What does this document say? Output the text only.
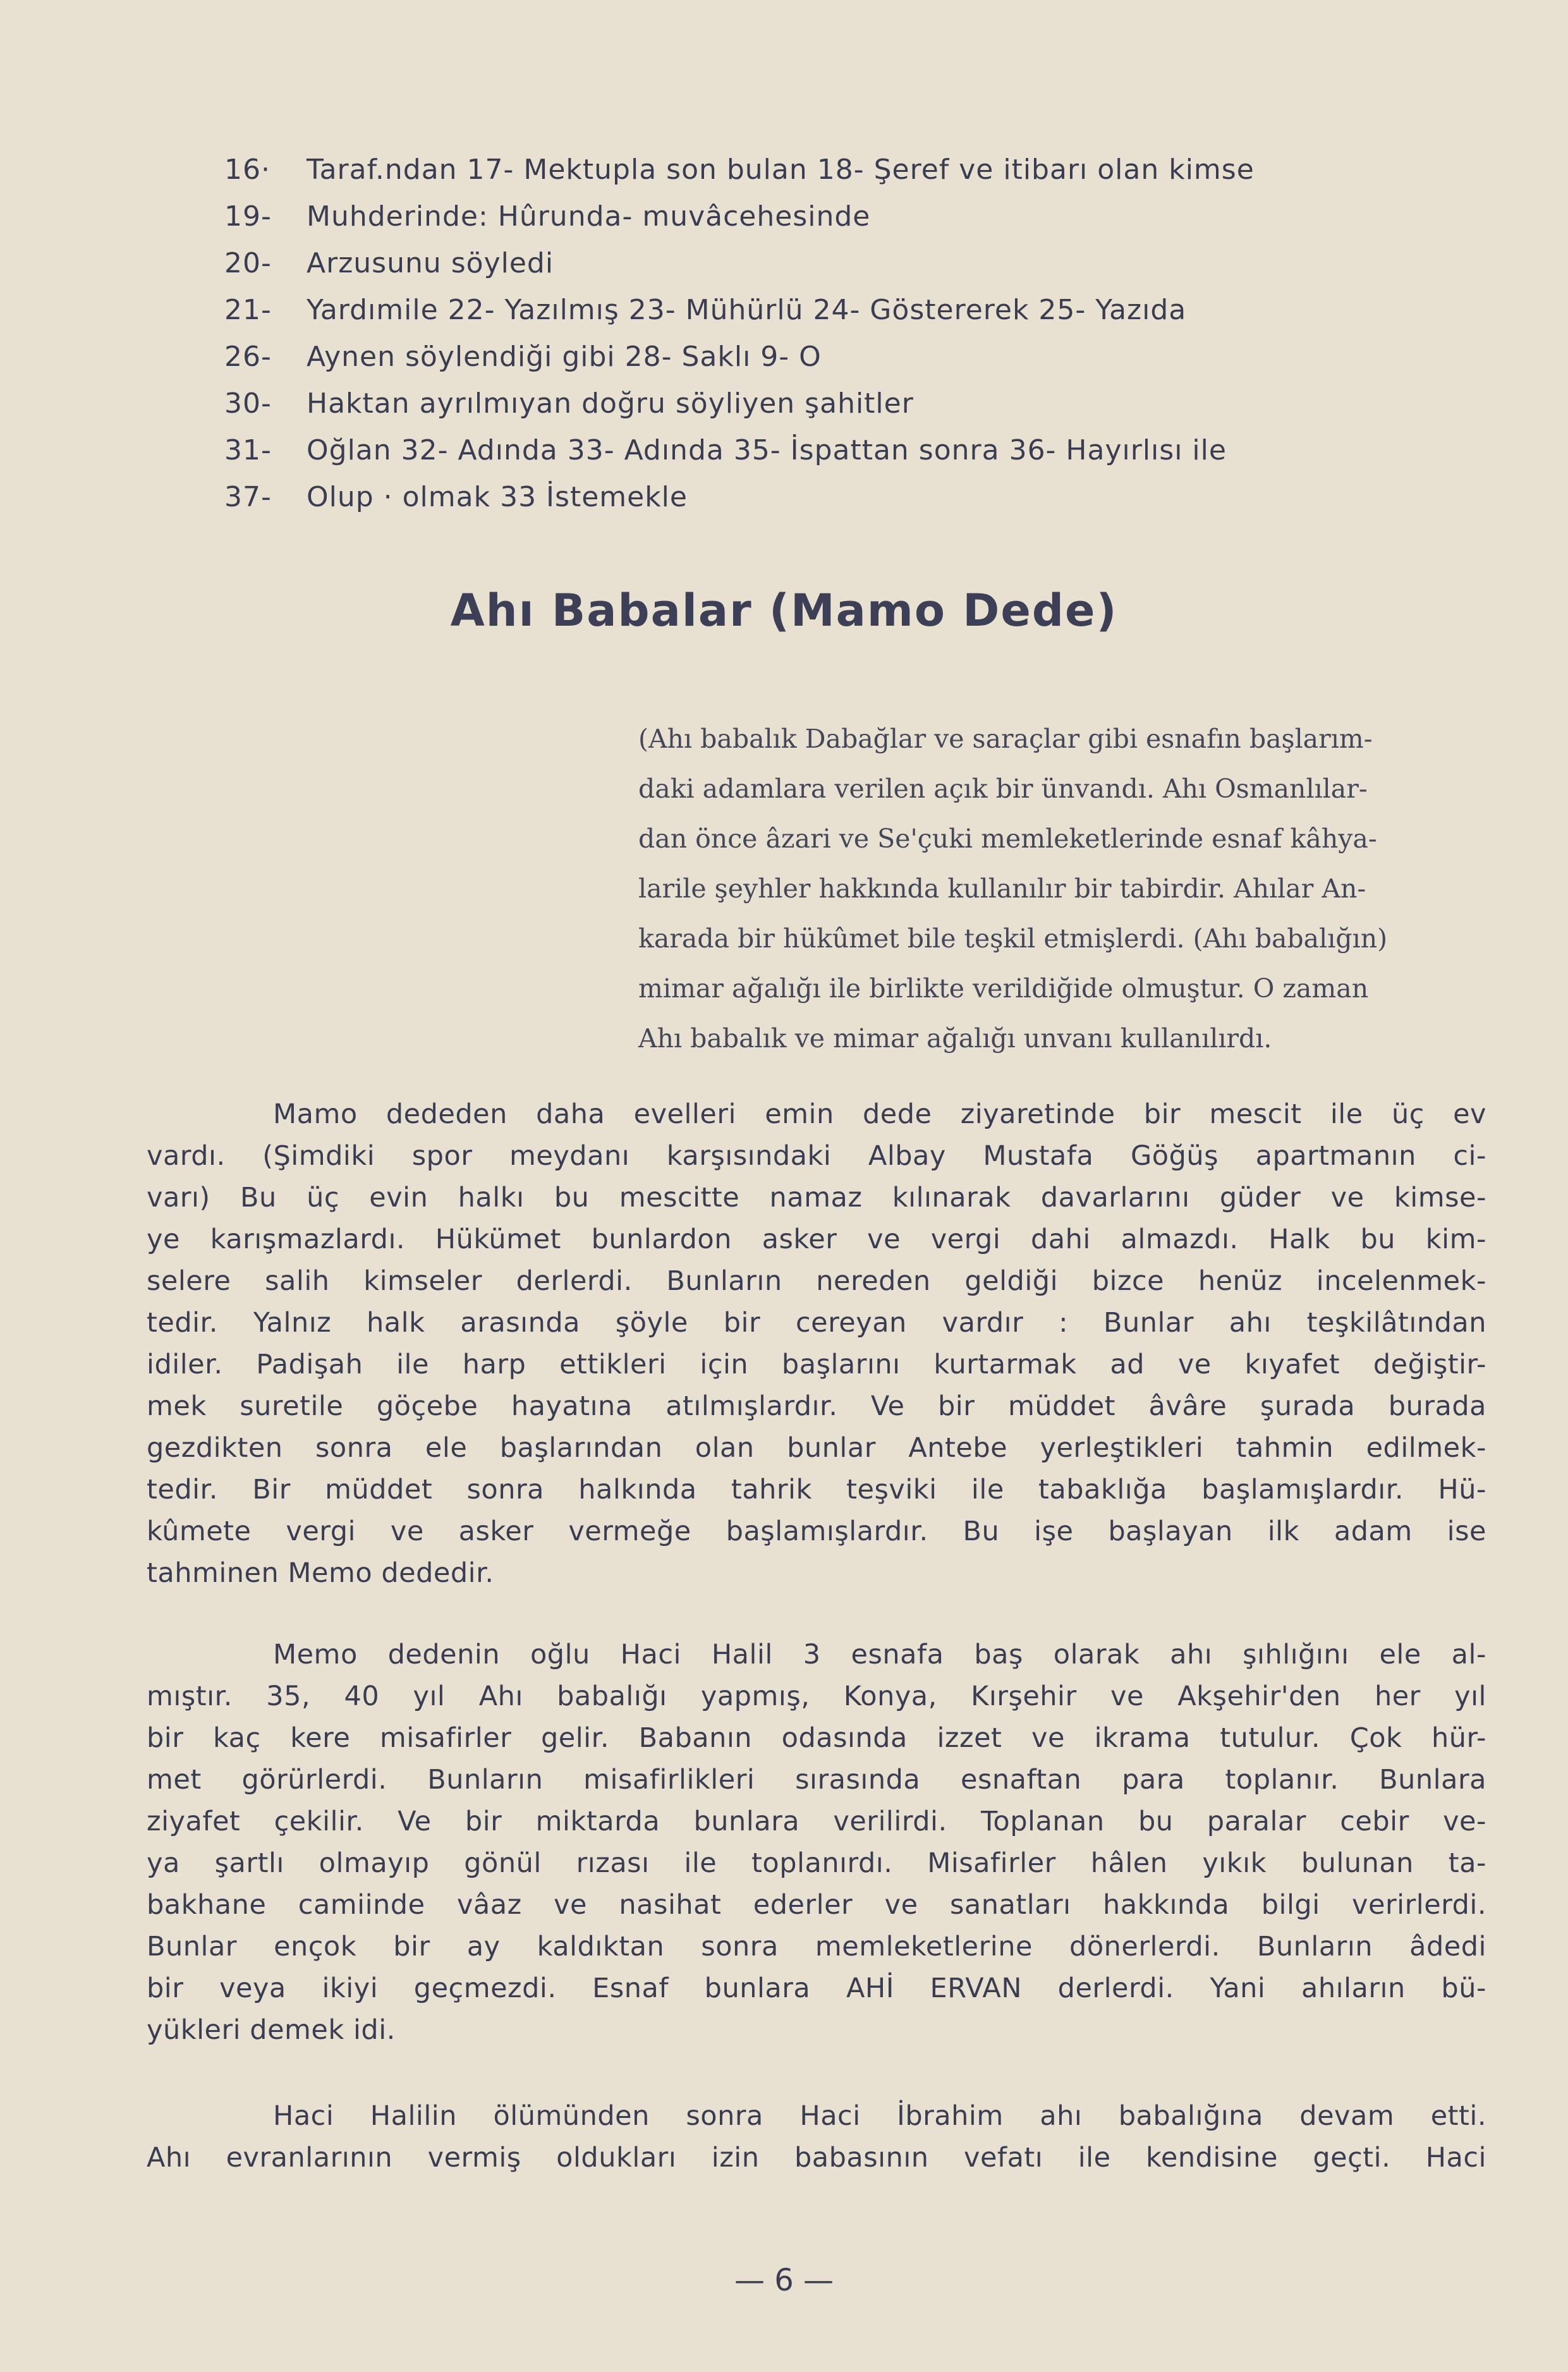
16· Taraf.ndan 17- Mektupla son bulan 18- Şeref ve itibarı olan kimse
19- Muhderinde: Hûrunda- muvâcehesinde
20- Arzusunu söyledi
21- Yardımile 22- Yazılmış 23- Mühürlü 24- Göstererek 25- Yazıda
26- Aynen söylendiği gibi 28- Saklı 9- O
30- Haktan ayrılmıyan doğru söyliyen şahitler
31- Oğlan 32- Adında 33- Adında 35- İspattan sonra 36- Hayırlısı ile
37- Olup · olmak 33 İstemekle
Ahı Babalar (Mamo Dede)
(Ahı babalık Dabağlar ve saraçlar gibi esnafın başlarım-
daki adamlara verilen açık bir ünvandı. Ahı Osmanlılar-
dan önce âzari ve Se'çuki memleketlerinde esnaf kâhya-
larile şeyhler hakkında kullanılır bir tabirdir. Ahılar An-
karada bir hükûmet bile teşkil etmişlerdi. (Ahı babalığın)
mimar ağalığı ile birlikte verildiğide olmuştur. O zaman
Ahı babalık ve mimar ağalığı unvanı kullanılırdı.
Mamo dededen daha evelleri emin dede ziyaretinde bir mescit ile üç ev
vardı. (Şimdiki spor meydanı karşısındaki Albay Mustafa Göğüş apartmanın ci-
varı) Bu üç evin halkı bu mescitte namaz kılınarak davarlarını güder ve kimse-
ye karışmazlardı. Hükümet bunlardon asker ve vergi dahi almazdı. Halk bu kim-
selere salih kimseler derlerdi. Bunların nereden geldiği bizce henüz incelenmek-
tedir. Yalnız halk arasında şöyle bir cereyan vardır : Bunlar ahı teşkilâtından
idiler. Padişah ile harp ettikleri için başlarını kurtarmak ad ve kıyafet değiştir-
mek suretile göçebe hayatına atılmışlardır. Ve bir müddet âvâre şurada burada
gezdikten sonra ele başlarından olan bunlar Antebe yerleştikleri tahmin edilmek-
tedir. Bir müddet sonra halkında tahrik teşviki ile tabaklığa başlamışlardır. Hü-
kûmete vergi ve asker vermeğe başlamışlardır. Bu işe başlayan ilk adam ise
tahminen Memo dededir.
Memo dedenin oğlu Haci Halil 3 esnafa baş olarak ahı şıhlığını ele al-
mıştır. 35, 40 yıl Ahı babalığı yapmış, Konya, Kırşehir ve Akşehir'den her yıl
bir kaç kere misafirler gelir. Babanın odasında izzet ve ikrama tutulur. Çok hür-
met görürlerdi. Bunların misafirlikleri sırasında esnaftan para toplanır. Bunlara
ziyafet çekilir. Ve bir miktarda bunlara verilirdi. Toplanan bu paralar cebir ve-
ya şartlı olmayıp gönül rızası ile toplanırdı. Misafirler hâlen yıkık bulunan ta-
bakhane camiinde vâaz ve nasihat ederler ve sanatları hakkında bilgi verirlerdi.
Bunlar ençok bir ay kaldıktan sonra memleketlerine dönerlerdi. Bunların âdedi
bir veya ikiyi geçmezdi. Esnaf bunlara AHİ ERVAN derlerdi. Yani ahıların bü-
yükleri demek idi.
Haci Halilin ölümünden sonra Haci İbrahim ahı babalığına devam etti.
Ahı evranlarının vermiş oldukları izin babasının vefatı ile kendisine geçti. Haci
— 6 —
